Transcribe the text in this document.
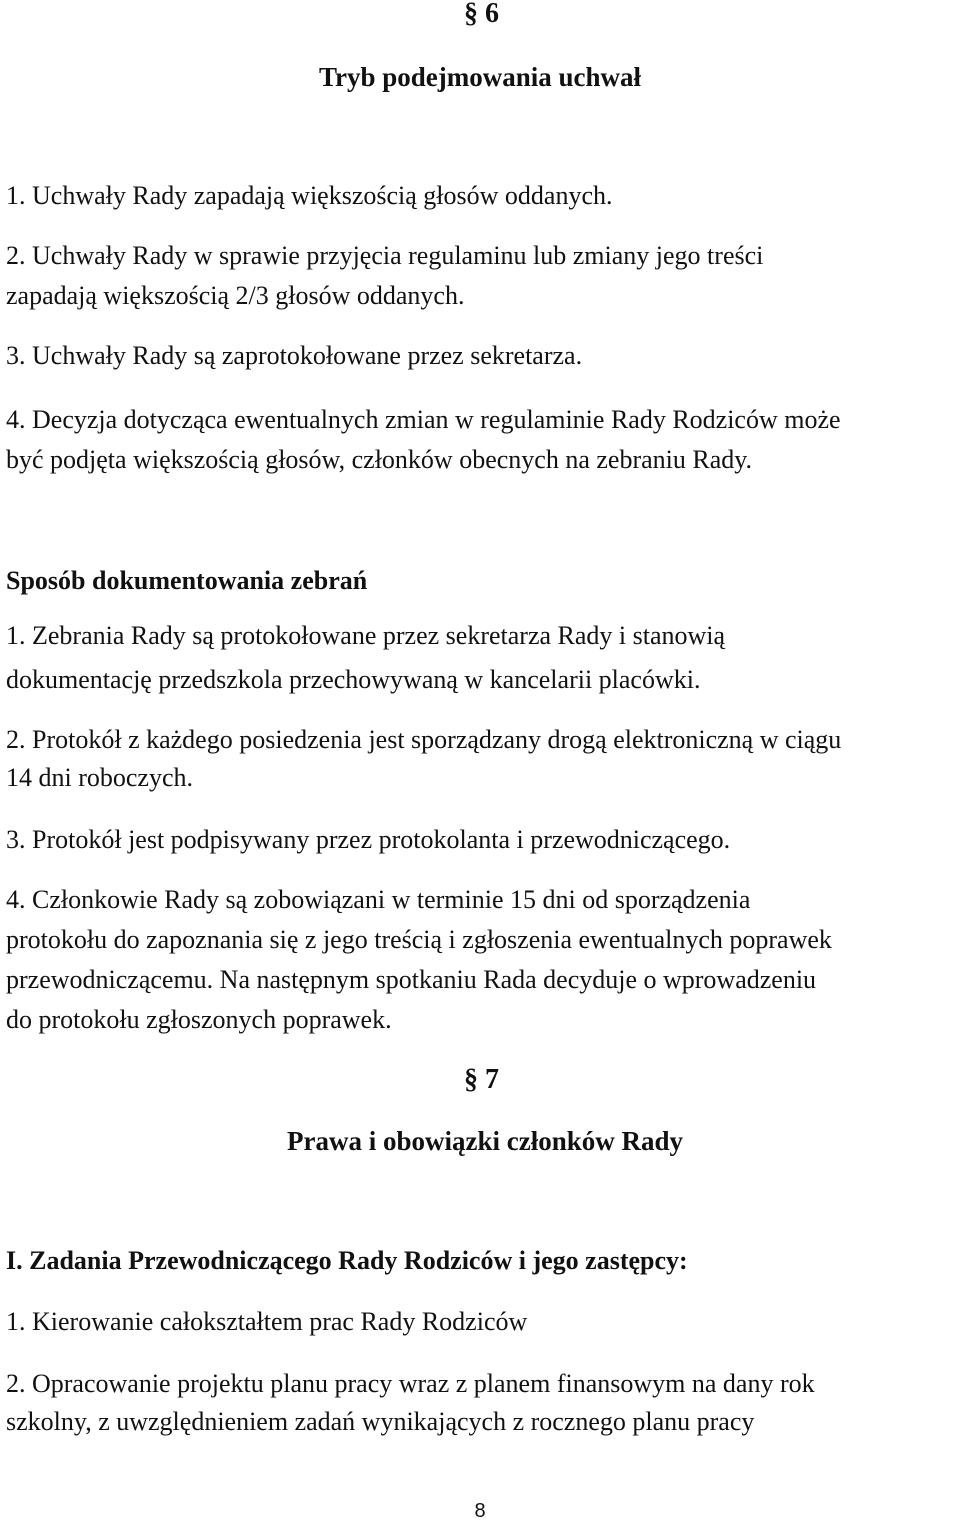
§ 6
Tryb podejmowania uchwał
1. Uchwały Rady zapadają większością głosów oddanych.
2. Uchwały Rady w sprawie przyjęcia regulaminu lub zmiany jego treści
zapadają większością 2/3 głosów oddanych.
3. Uchwały Rady są zaprotokołowane przez sekretarza.
4. Decyzja dotycząca ewentualnych zmian w regulaminie Rady Rodziców może
być podjęta większością głosów, członków obecnych na zebraniu Rady.
Sposób dokumentowania zebrań
1. Zebrania Rady są protokołowane przez sekretarza Rady i stanowią
dokumentację przedszkola przechowywaną w kancelarii placówki.
2. Protokół z każdego posiedzenia jest sporządzany drogą elektroniczną w ciągu
14 dni roboczych.
3. Protokół jest podpisywany przez protokolanta i przewodniczącego.
4. Członkowie Rady są zobowiązani w terminie 15 dni od sporządzenia
protokołu do zapoznania się z jego treścią i zgłoszenia ewentualnych poprawek
przewodniczącemu. Na następnym spotkaniu Rada decyduje o wprowadzeniu
do protokołu zgłoszonych poprawek.
§ 7
Prawa i obowiązki członków Rady
I. Zadania Przewodniczącego Rady Rodziców i jego zastępcy:
1. Kierowanie całokształtem prac Rady Rodziców
2. Opracowanie projektu planu pracy wraz z planem finansowym na dany rok
szkolny, z uwzględnieniem zadań wynikających z rocznego planu pracy
8
